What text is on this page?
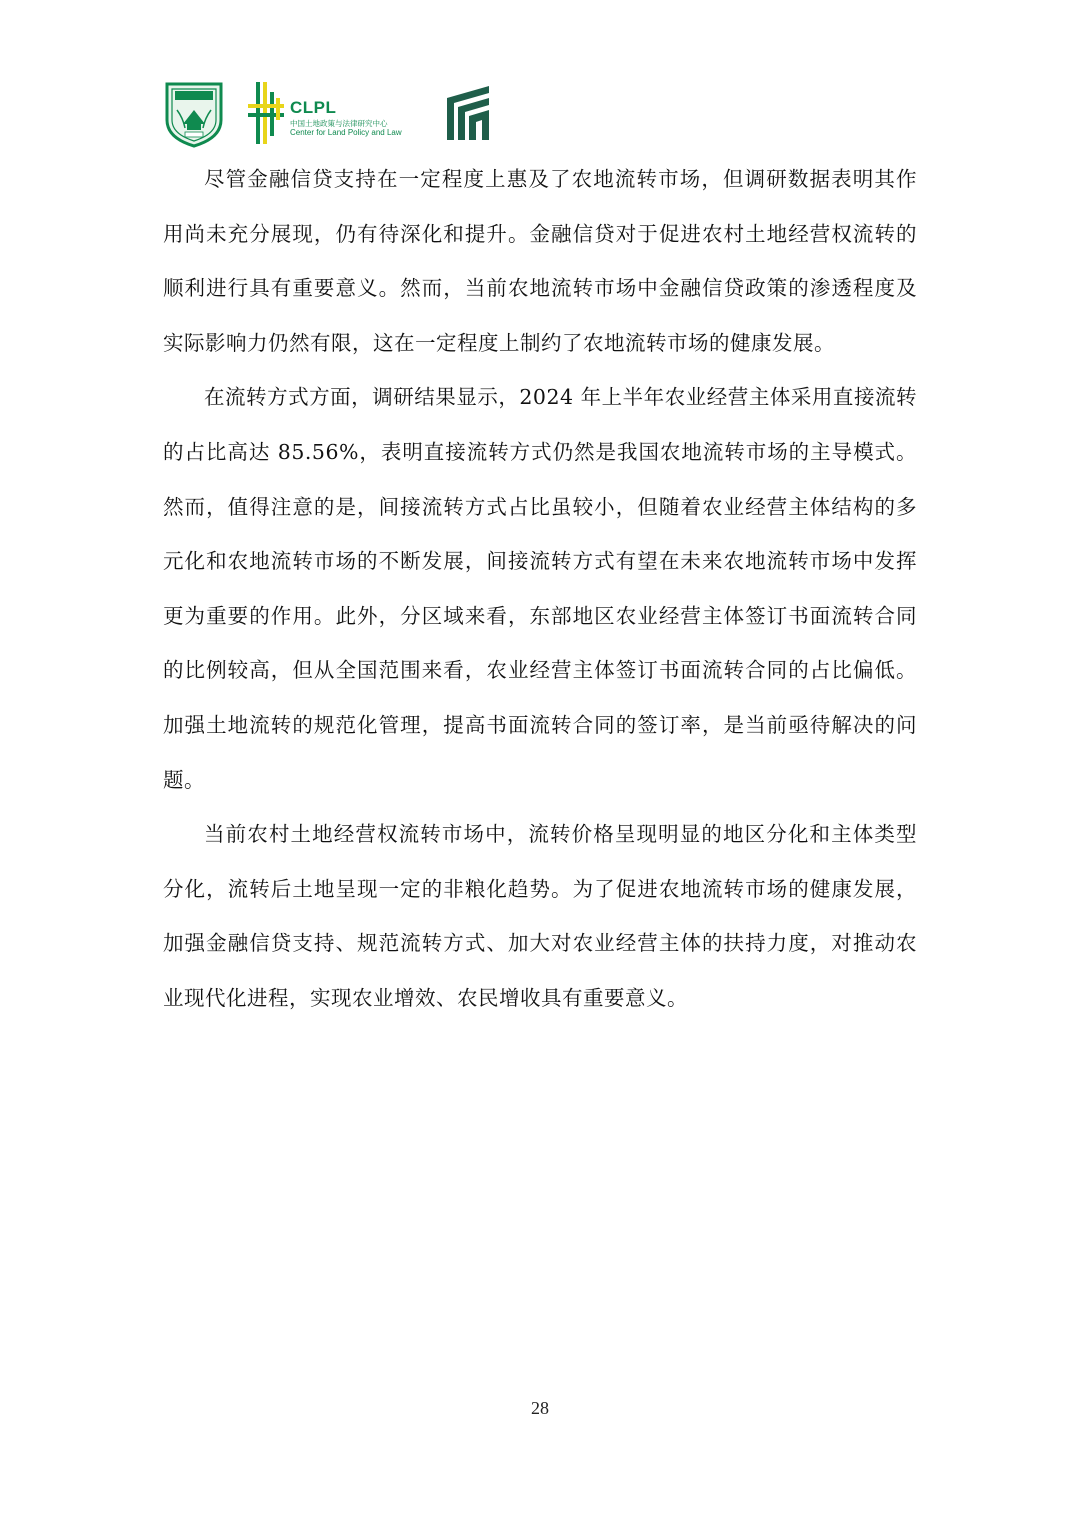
CLPL
中国土地政策与法律研究中心
Center for Land Policy and Law

尽管金融信贷支持在一定程度上惠及了农地流转市场，但调研数据表明其作用尚未充分展现，仍有待深化和提升。金融信贷对于促进农村土地经营权流转的顺利进行具有重要意义。然而，当前农地流转市场中金融信贷政策的渗透程度及实际影响力仍然有限，这在一定程度上制约了农地流转市场的健康发展。

在流转方式方面，调研结果显示，2024 年上半年农业经营主体采用直接流转的占比高达 85.56%，表明直接流转方式仍然是我国农地流转市场的主导模式。然而，值得注意的是，间接流转方式占比虽较小，但随着农业经营主体结构的多元化和农地流转市场的不断发展，间接流转方式有望在未来农地流转市场中发挥更为重要的作用。此外，分区域来看，东部地区农业经营主体签订书面流转合同的比例较高，但从全国范围来看，农业经营主体签订书面流转合同的占比偏低。加强土地流转的规范化管理，提高书面流转合同的签订率，是当前亟待解决的问题。

当前农村土地经营权流转市场中，流转价格呈现明显的地区分化和主体类型分化，流转后土地呈现一定的非粮化趋势。为了促进农地流转市场的健康发展，加强金融信贷支持、规范流转方式、加大对农业经营主体的扶持力度，对推动农业现代化进程，实现农业增效、农民增收具有重要意义。

28
